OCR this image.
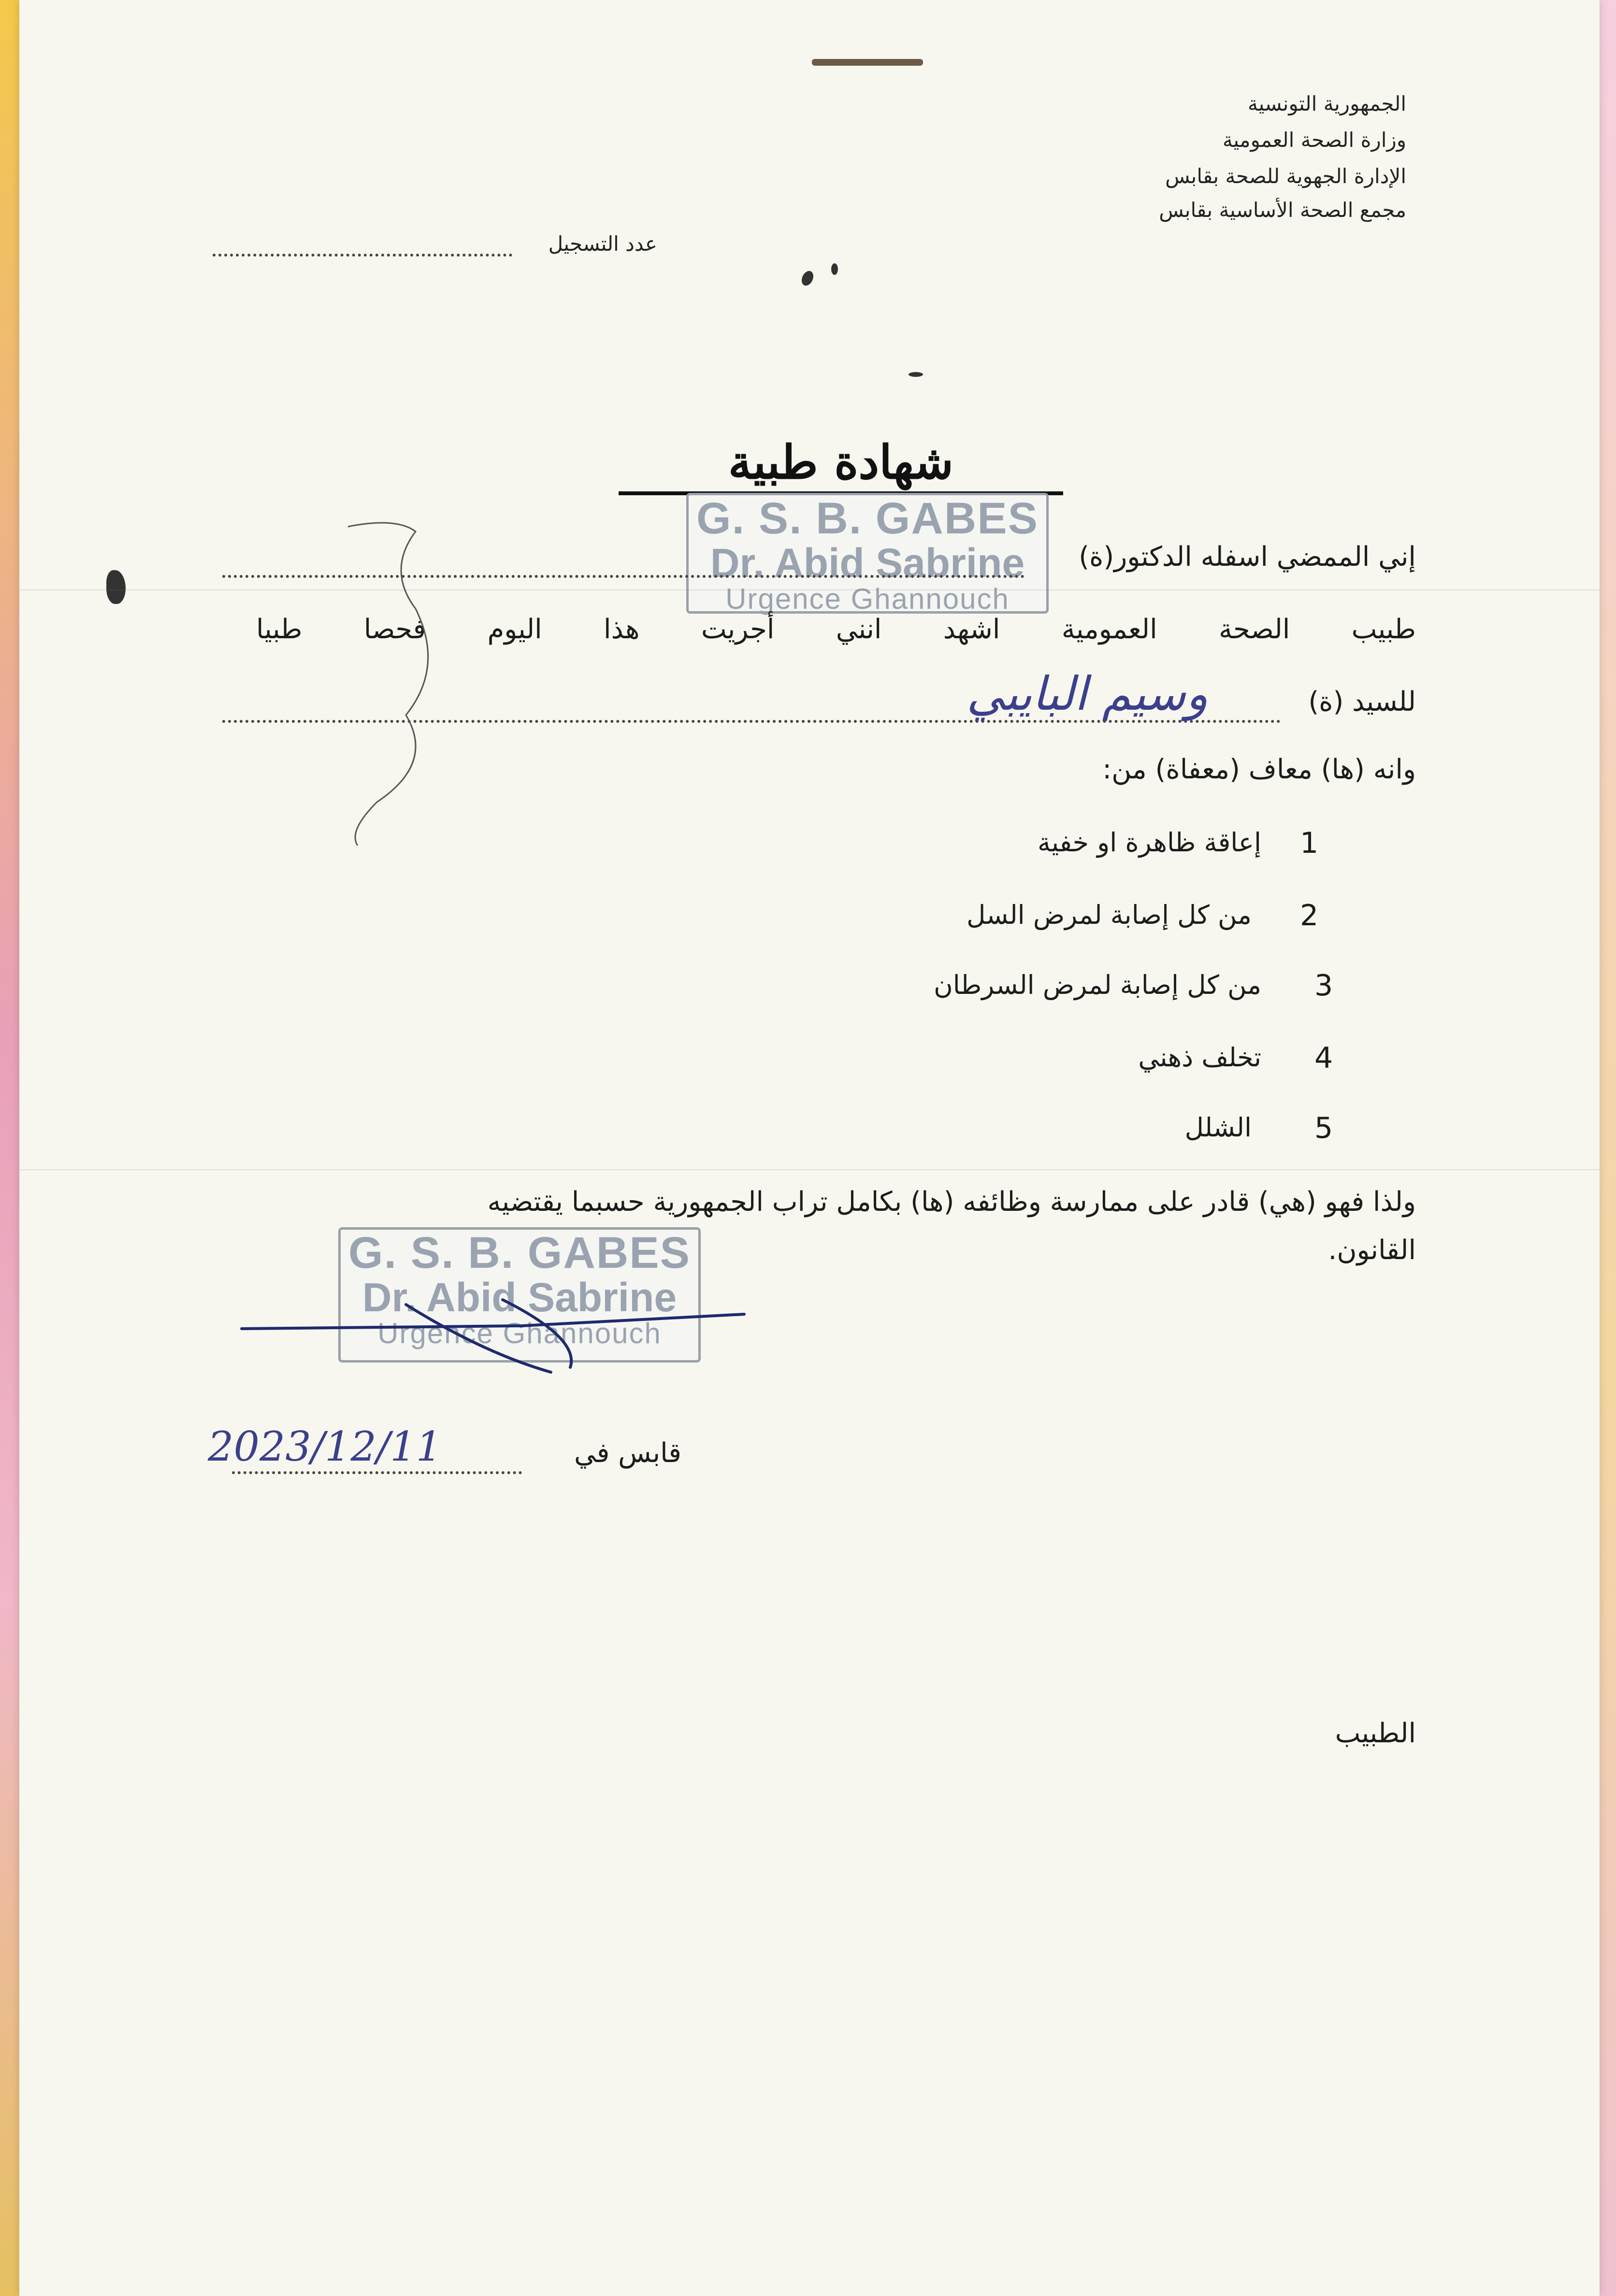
الجمهورية التونسية
وزارة الصحة العمومية
الإدارة الجهوية للصحة بقابس
مجمع الصحة الأساسية بقابس
عدد التسجيل
شهادة طبية
G. S. B. GABES
Dr. Abid Sabrine
Urgence Ghannouch
إني الممضي اسفله الدكتور(ة)
طبيب الصحة العمومية اشهد انني أجريت هذا اليوم فحصا طبيا
للسيد (ة)
وسيم البايبي
وانه (ها) معاف (معفاة) من:
1
إعاقة ظاهرة او خفية
2
من كل إصابة لمرض السل
3
من كل إصابة لمرض السرطان
4
تخلف ذهني
5
الشلل
ولذا فهو (هي) قادر على ممارسة وظائفه (ها) بكامل تراب الجمهورية حسبما يقتضيه
القانون.
G. S. B. GABES
Dr. Abid Sabrine
Urgence Ghannouch
قابس في
2023/12/11
الطبيب
